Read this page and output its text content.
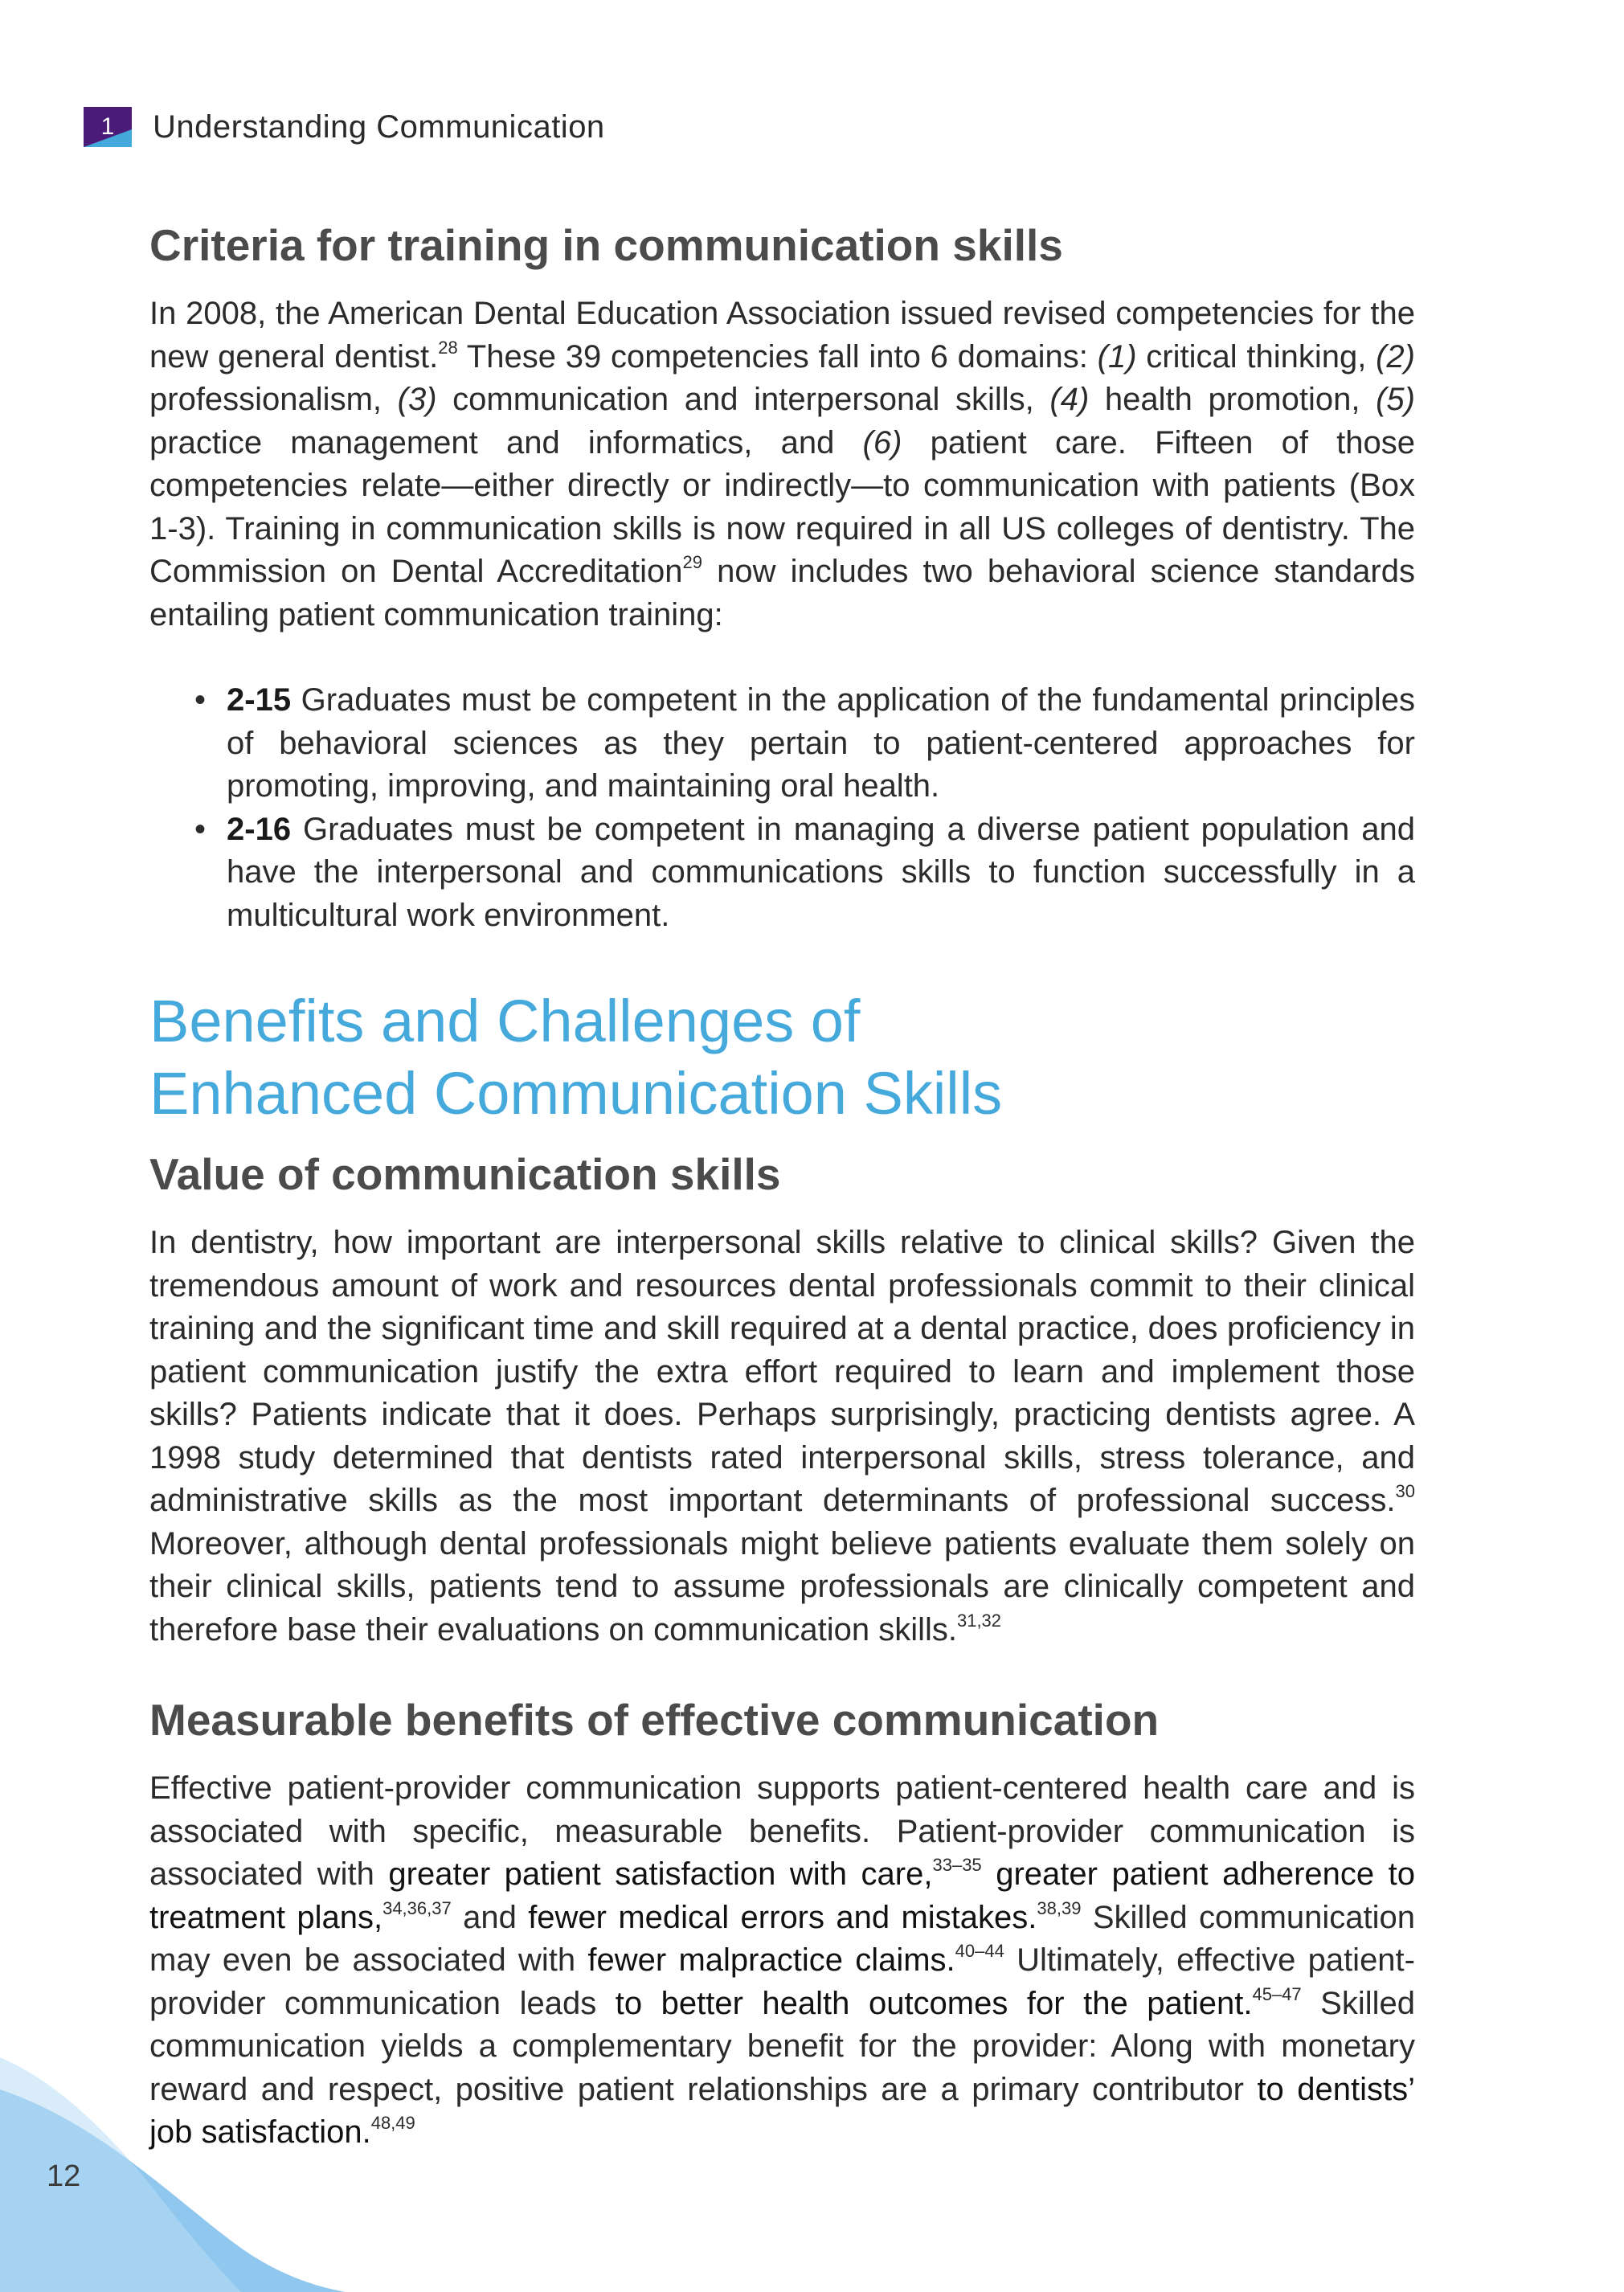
1	Understanding Communication
Criteria for training in communication skills

In 2008, the American Dental Education Association issued revised competencies for the new general dentist.$^{28}$ These 39 competencies fall into 6 domains: (1) critical thinking, (2) professionalism, (3) communication and interpersonal skills, (4) health promotion, (5) practice management and informatics, and (6) patient care. Fifteen of those competencies relate—either directly or indirectly—to communication with patients (Box 1-3). Training in communication skills is now required in all US colleges of dentistry. The Commission on Dental Accreditation$^{29}$ now includes two behavioral science standards entailing patient communication training:

• 2-15 Graduates must be competent in the application of the fundamental principles of behavioral sciences as they pertain to patient-centered approaches for promoting, improving, and maintaining oral health.
• 2-16 Graduates must be competent in managing a diverse patient population and have the interpersonal and communications skills to function successfully in a multicultural work environment.
Benefits and Challenges of
Enhanced Communication Skills
Value of communication skills

In dentistry, how important are interpersonal skills relative to clinical skills? Given the tremendous amount of work and resources dental professionals commit to their clinical training and the significant time and skill required at a dental practice, does proficiency in patient communication justify the extra effort required to learn and implement those skills? Patients indicate that it does. Perhaps surprisingly, practicing dentists agree. A 1998 study determined that dentists rated interpersonal skills, stress tolerance, and administrative skills as the most important determinants of professional success.$^{30}$ Moreover, although dental professionals might believe patients evaluate them solely on their clinical skills, patients tend to assume professionals are clinically competent and therefore base their evaluations on communication skills.$^{31,32}$

Measurable benefits of effective communication

Effective patient-provider communication supports patient-centered health care and is associated with specific, measurable benefits. Patient-provider communication is associated with greater patient satisfaction with care,$^{33-35}$ greater patient adherence to treatment plans,$^{34,36,37}$ and fewer medical errors and mistakes.$^{38,39}$ Skilled communication may even be associated with fewer malpractice claims.$^{40-44}$ Ultimately, effective patient-provider communication leads to better health outcomes for the patient.$^{45-47}$ Skilled communication yields a complementary benefit for the provider: Along with monetary reward and respect, positive patient relationships are a primary contributor to dentists’ job satisfaction.$^{48,49}$

12
